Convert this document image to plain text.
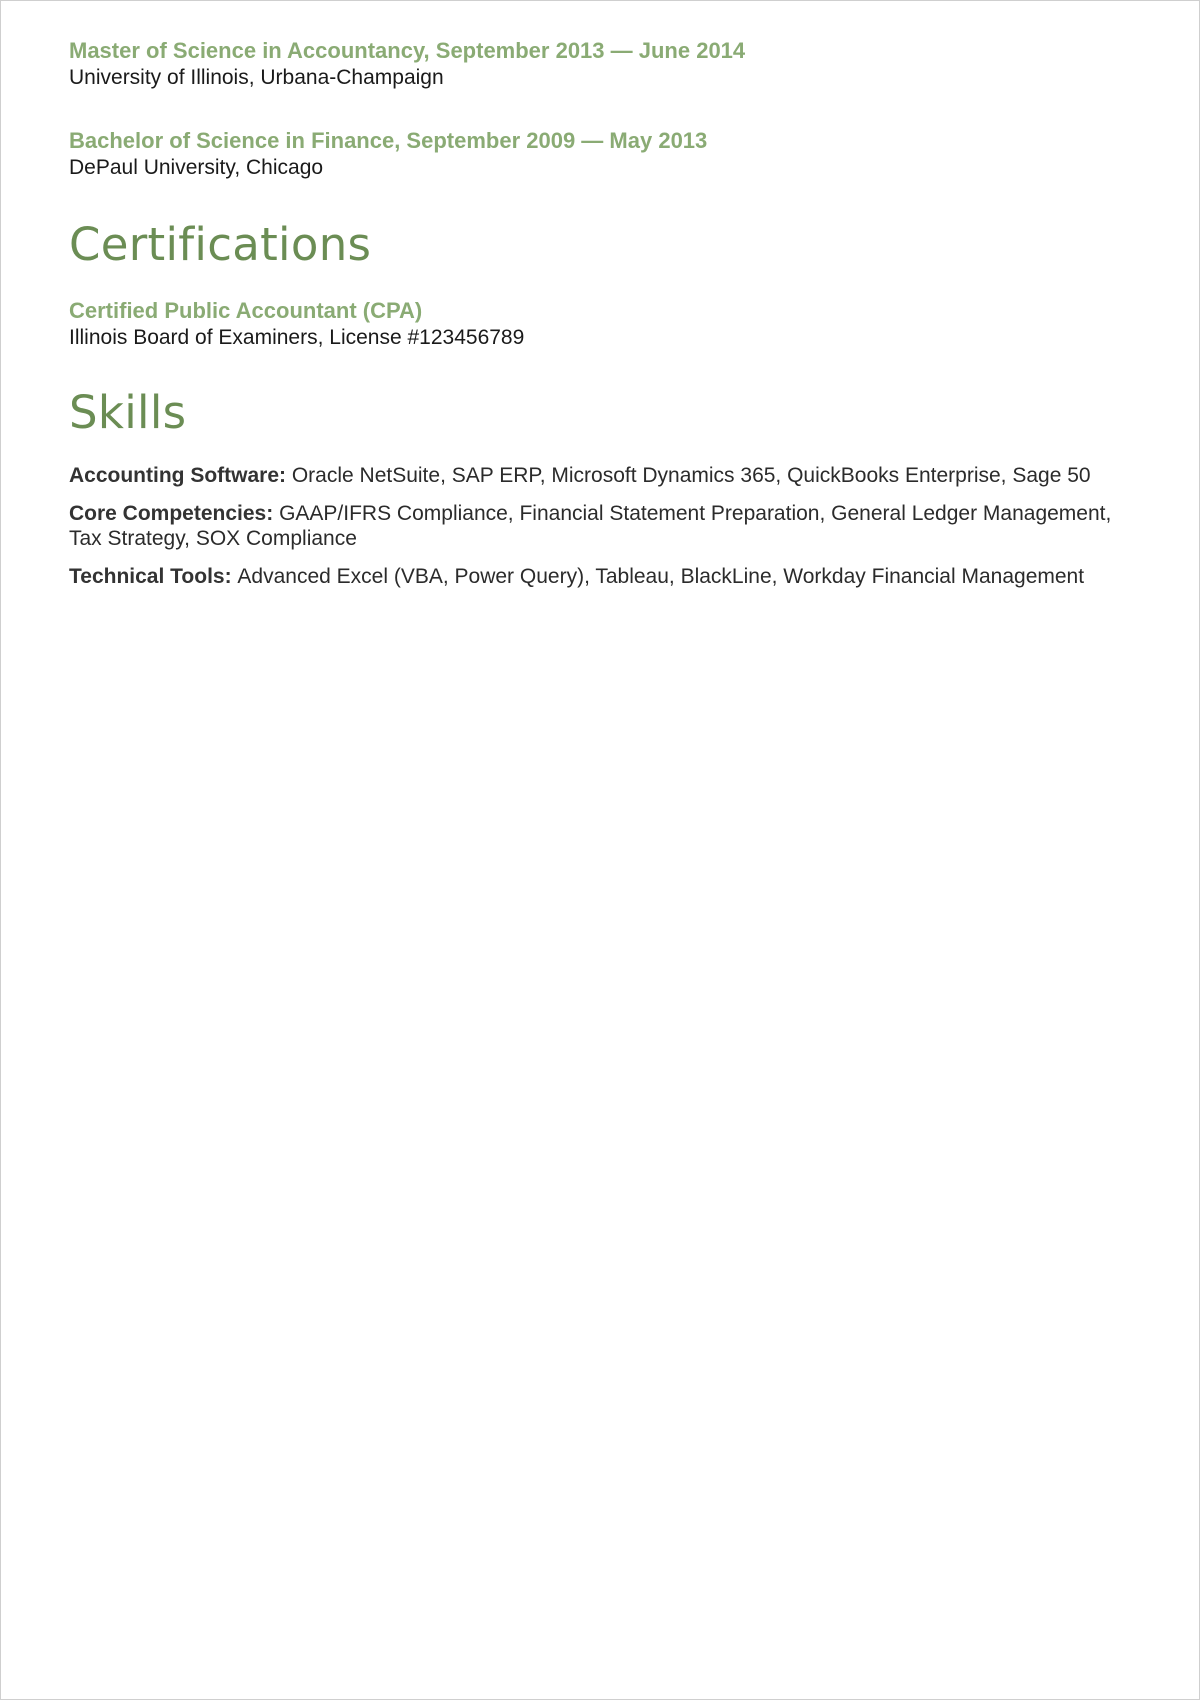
Master of Science in Accountancy, September 2013 — June 2014
University of Illinois, Urbana-Champaign
Bachelor of Science in Finance, September 2009 — May 2013
DePaul University, Chicago
Certifications
Certified Public Accountant (CPA)
Illinois Board of Examiners, License #123456789
Skills

Accounting Software: Oracle NetSuite, SAP ERP, Microsoft Dynamics 365, QuickBooks Enterprise, Sage 50

Core Competencies: GAAP/IFRS Compliance, Financial Statement Preparation, General Ledger Management, Tax Strategy, SOX Compliance

Technical Tools: Advanced Excel (VBA, Power Query), Tableau, BlackLine, Workday Financial Management
